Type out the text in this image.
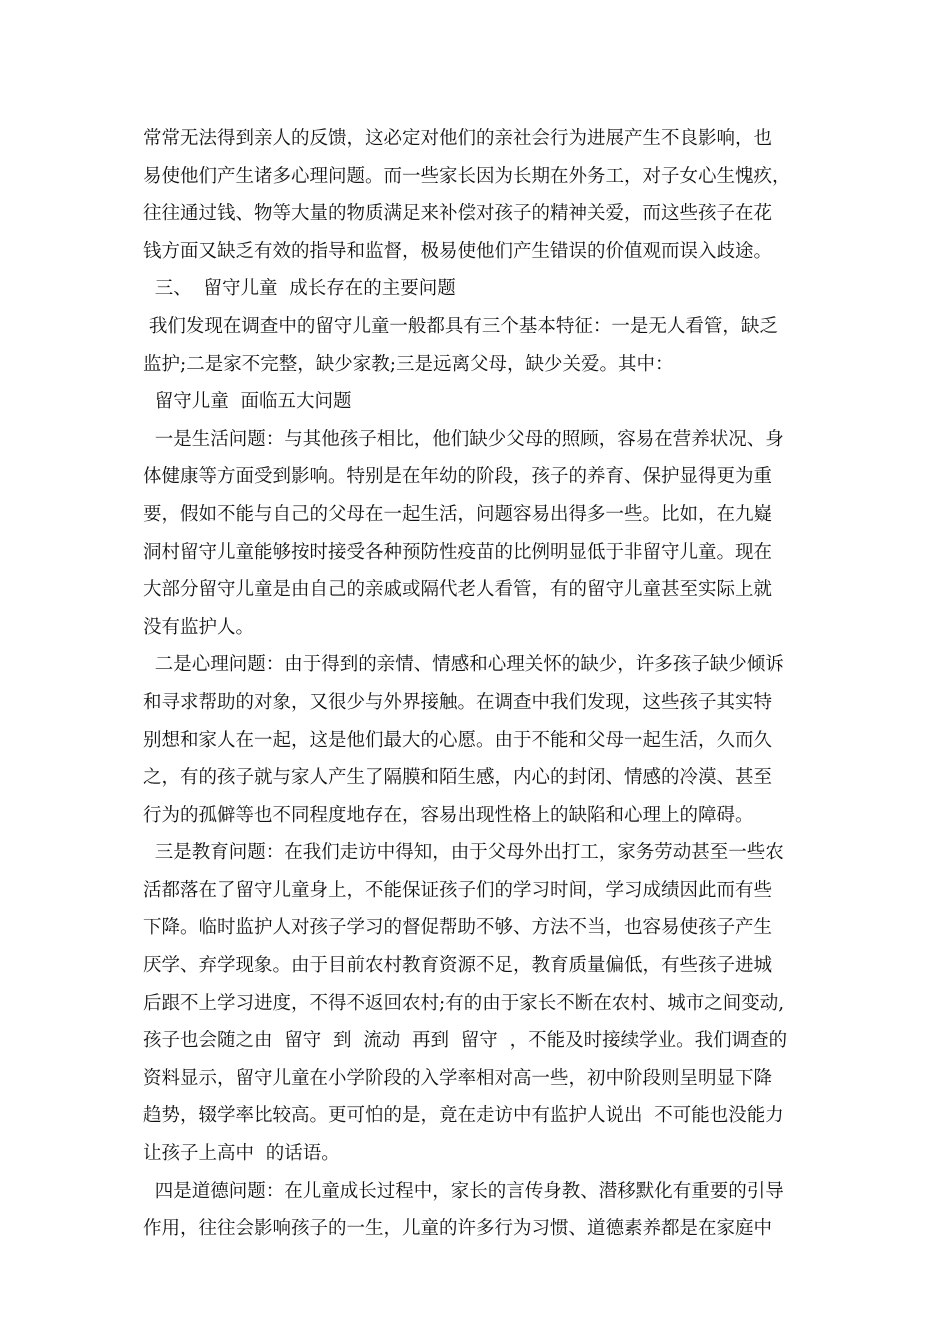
常常无法得到亲人的反馈，这必定对他们的亲社会行为进展产生不良影响，也
易使他们产生诸多心理问题。而一些家长因为长期在外务工，对子女心生愧疚，
往往通过钱、物等大量的物质满足来补偿对孩子的精神关爱，而这些孩子在花
钱方面又缺乏有效的指导和监督，极易使他们产生错误的价值观而误入歧途。
三、  留守儿童  成长存在的主要问题
我们发现在调查中的留守儿童一般都具有三个基本特征：一是无人看管，缺乏
监护;二是家不完整，缺少家教;三是远离父母，缺少关爱。其中：
留守儿童  面临五大问题
一是生活问题：与其他孩子相比，他们缺少父母的照顾，容易在营养状况、身
体健康等方面受到影响。特别是在年幼的阶段，孩子的养育、保护显得更为重
要，假如不能与自己的父母在一起生活，问题容易出得多一些。比如，在九嶷
洞村留守儿童能够按时接受各种预防性疫苗的比例明显低于非留守儿童。现在
大部分留守儿童是由自己的亲戚或隔代老人看管，有的留守儿童甚至实际上就
没有监护人。
二是心理问题：由于得到的亲情、情感和心理关怀的缺少，许多孩子缺少倾诉
和寻求帮助的对象，又很少与外界接触。在调查中我们发现，这些孩子其实特
别想和家人在一起，这是他们最大的心愿。由于不能和父母一起生活，久而久
之，有的孩子就与家人产生了隔膜和陌生感，内心的封闭、情感的冷漠、甚至
行为的孤僻等也不同程度地存在，容易出现性格上的缺陷和心理上的障碍。
三是教育问题：在我们走访中得知，由于父母外出打工，家务劳动甚至一些农
活都落在了留守儿童身上，不能保证孩子们的学习时间，学习成绩因此而有些
下降。临时监护人对孩子学习的督促帮助不够、方法不当，也容易使孩子产生
厌学、弃学现象。由于目前农村教育资源不足，教育质量偏低，有些孩子进城
后跟不上学习进度，不得不返回农村;有的由于家长不断在农村、城市之间变动,
孩子也会随之由  留守  到  流动  再到  留守  ，不能及时接续学业。我们调查的
资料显示，留守儿童在小学阶段的入学率相对高一些，初中阶段则呈明显下降
趋势，辍学率比较高。更可怕的是，竟在走访中有监护人说出  不可能也没能力
让孩子上高中  的话语。
四是道德问题：在儿童成长过程中，家长的言传身教、潜移默化有重要的引导
作用，往往会影响孩子的一生，儿童的许多行为习惯、道德素养都是在家庭中
